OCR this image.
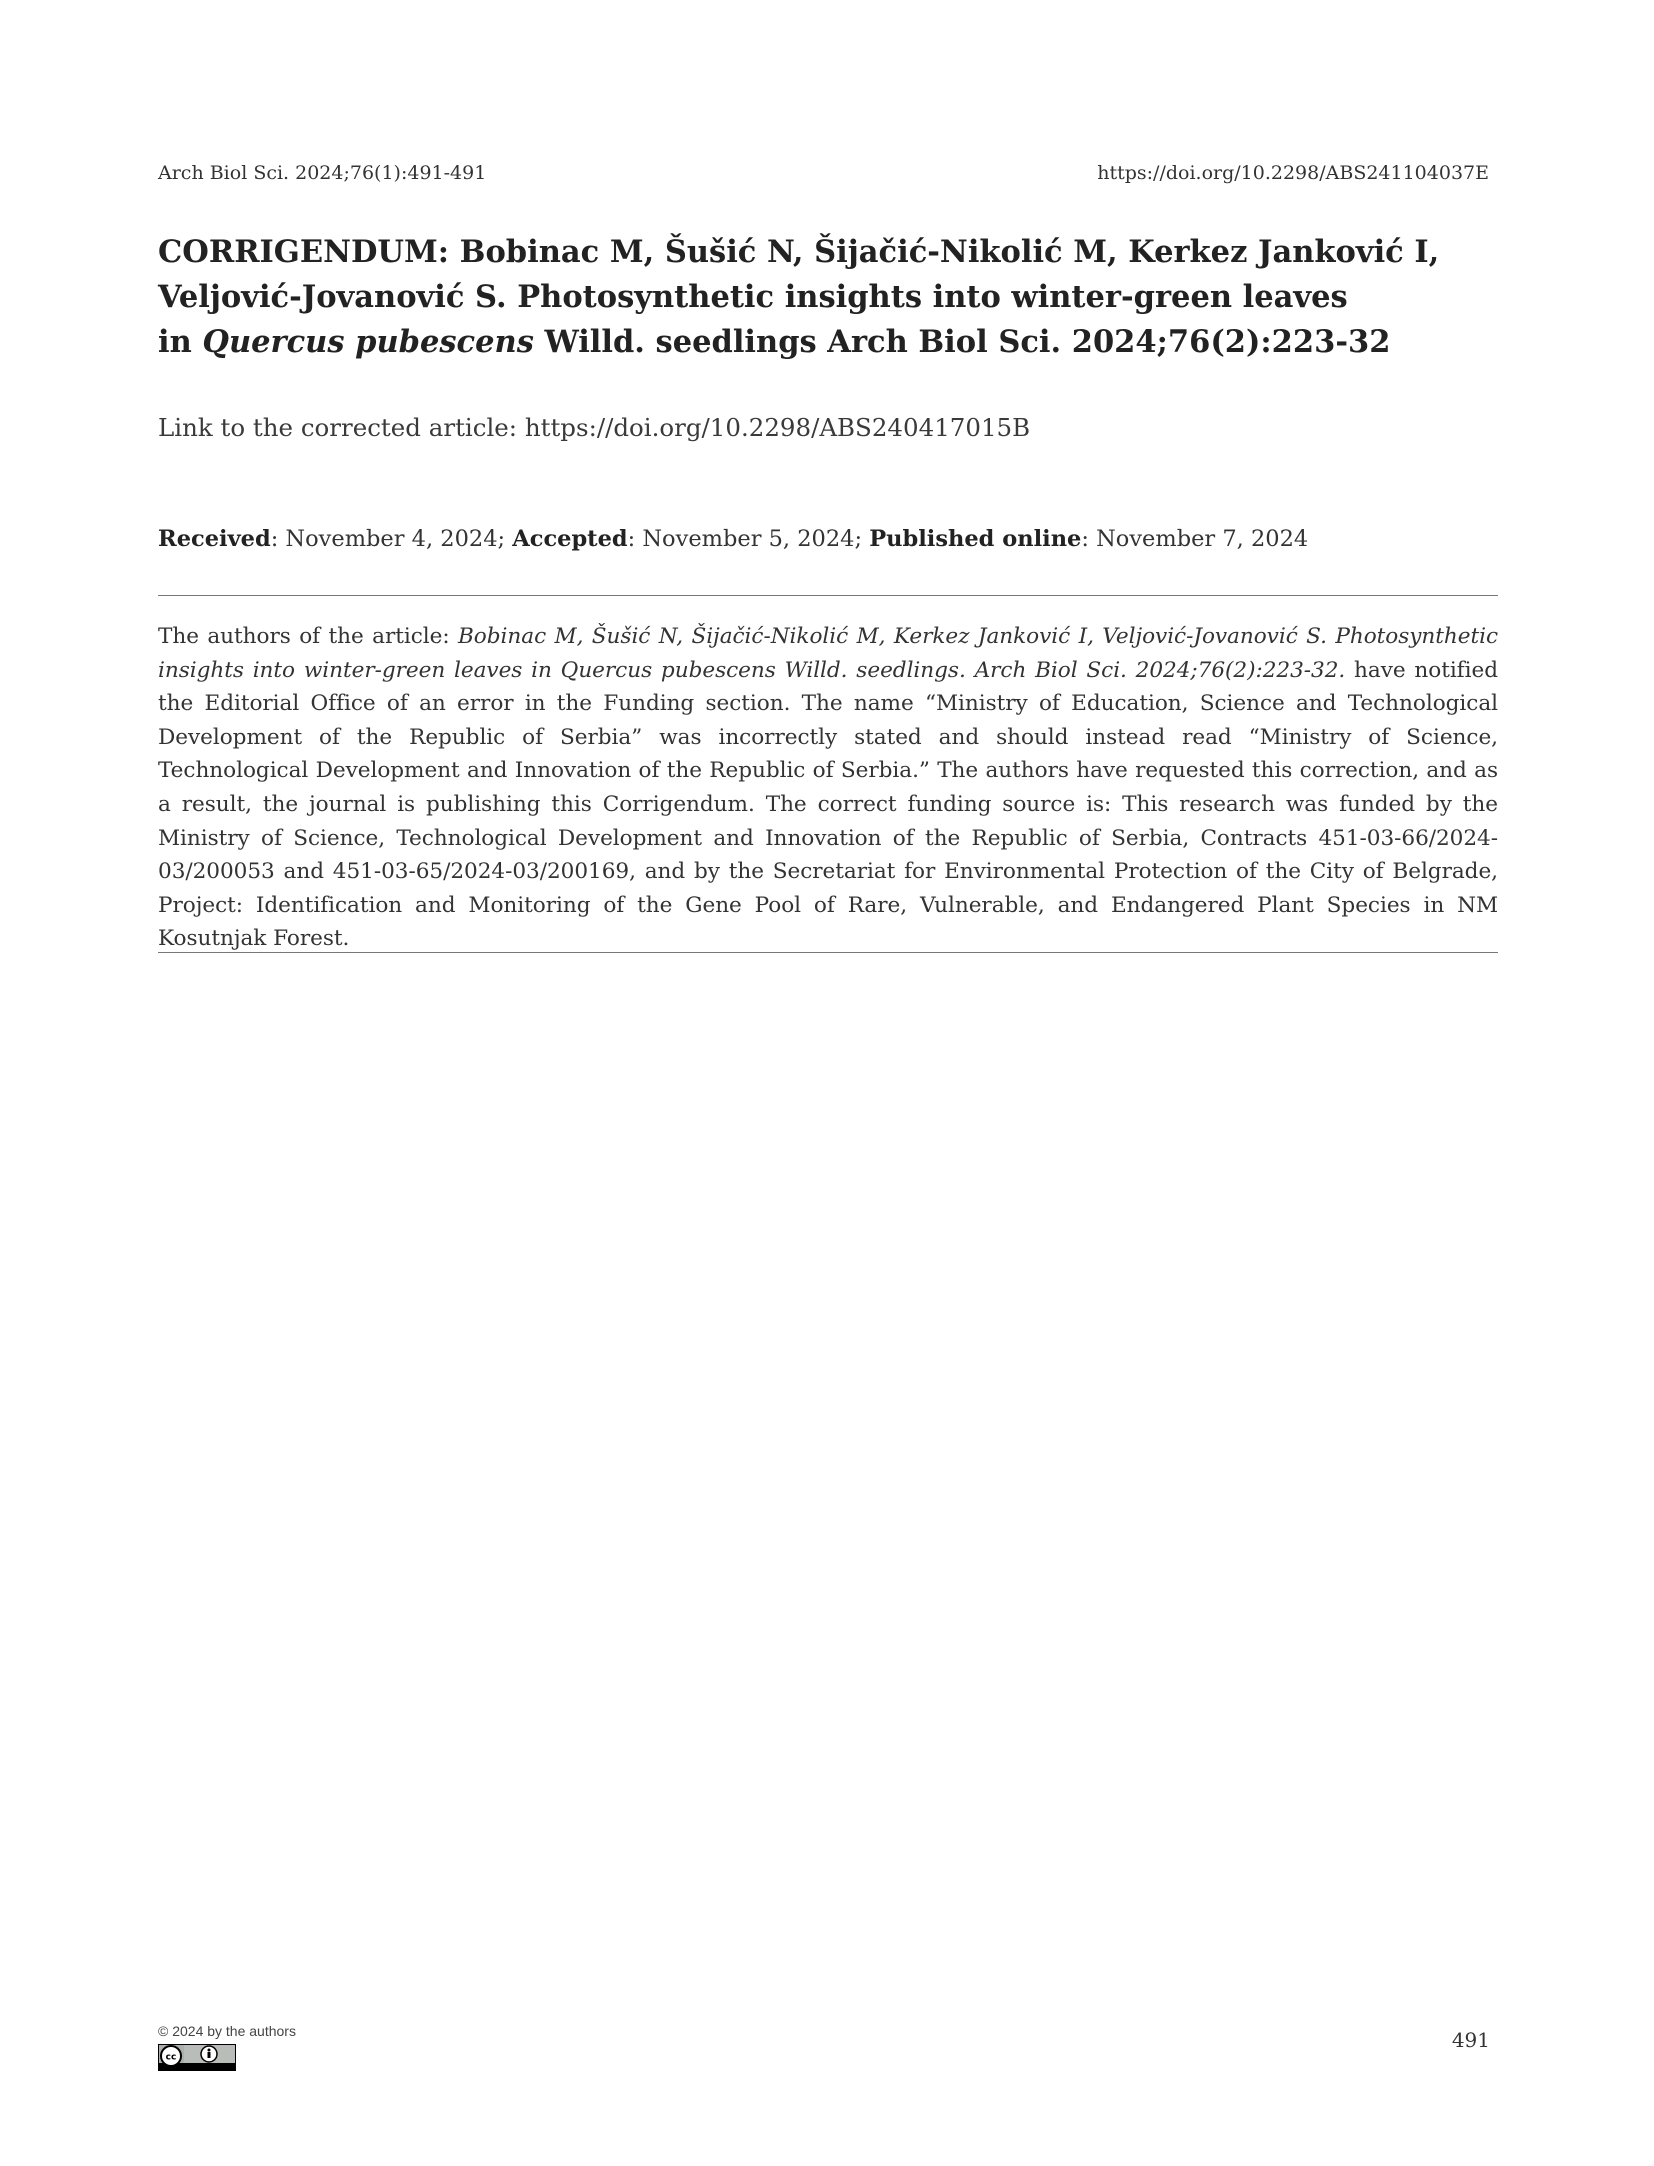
Arch Biol Sci. 2024;76(1):491-491	https://doi.org/10.2298/ABS241104037E
CORRIGENDUM: Bobinac M, Šušić N, Šijačić-Nikolić M, Kerkez Janković I,
Veljović-Jovanović S. Photosynthetic insights into winter-green leaves
in Quercus pubescens Willd. seedlings Arch Biol Sci. 2024;76(2):223-32
Link to the corrected article: https://doi.org/10.2298/ABS240417015B
Received: November 4, 2024; Accepted: November 5, 2024; Published online: November 7, 2024

The authors of the article: Bobinac M, Šušić N, Šijačić-Nikolić M, Kerkez Janković I, Veljović-Jovanović S. Photosynthetic insights into winter-green leaves in Quercus pubescens Willd. seedlings. Arch Biol Sci. 2024;76(2):223-32. have notified the Editorial Office of an error in the Funding section. The name “Ministry of Education, Science and Technological Development of the Republic of Serbia” was incorrectly stated and should instead read “Ministry of Science, Technological Development and Innovation of the Republic of Serbia.” The authors have requested this correction, and as a result, the journal is publishing this Corrigendum. The correct funding source is: This research was funded by the Ministry of Science, Technological Development and Innovation of the Republic of Serbia, Contracts 451-03-66/2024-03/200053 and 451-03-65/2024-03/200169, and by the Secretariat for Environmental Protection of the City of Belgrade, Project: Identification and Monitoring of the Gene Pool of Rare, Vulnerable, and Endangered Plant Species in NM Kosutnjak Forest.

© 2024 by the authors
cc
491
